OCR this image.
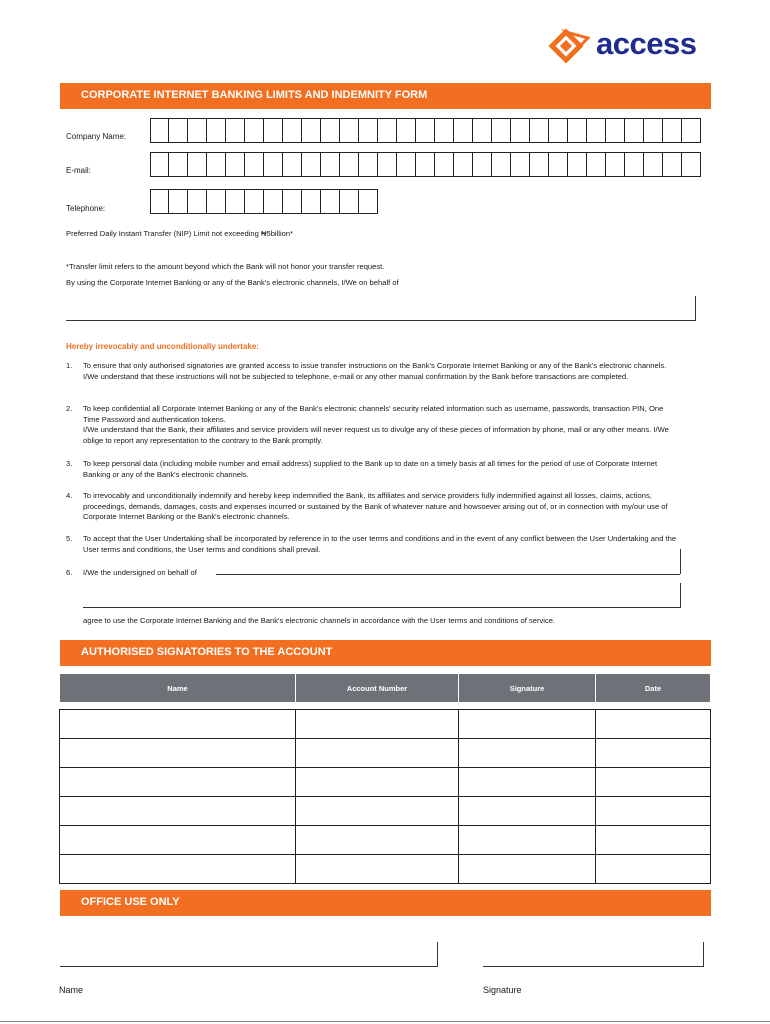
access
CORPORATE INTERNET BANKING LIMITS AND INDEMNITY FORM
Company Name:
E-mail:
Telephone:
Preferred Daily Instant Transfer (NIP) Limit not exceeding ₦5billion*
*Transfer limit refers to the amount beyond which the Bank will not honor your transfer request.
By using the Corporate Internet Banking or any of the Bank's electronic channels, I/We on behalf of
Hereby irrevocably and unconditionally undertake:
1. To ensure that only authorised signatories are granted access to issue transfer instructions on the Bank's Corporate Internet Banking or any of the Bank's electronic channels. I/We understand that these instructions will not be subjected to telephone, e-mail or any other manual confirmation by the Bank before transactions are completed.
2. To keep confidential all Corporate Internet Banking or any of the Bank's electronic channels' security related information such as username, passwords, transaction PIN, One Time Password and authentication tokens.
I/We understand that the Bank, their affiliates and service providers will never request us to divulge any of these pieces of information by phone, mail or any other means. I/We oblige to report any representation to the contrary to the Bank promptly.
3. To keep personal data (including mobile number and email address) supplied to the Bank up to date on a timely basis at all times for the period of use of Corporate Internet Banking or any of the Bank's electronic channels.
4. To irrevocably and unconditionally indemnify and hereby keep indemnified the Bank, its affiliates and service providers fully indemnified against all losses, claims, actions, proceedings, demands, damages, costs and expenses incurred or sustained by the Bank of whatever nature and howsoever arising out of, or in connection with my/our use of Corporate Internet Banking or the Bank's electronic channels.
5. To accept that the User Undertaking shall be incorporated by reference in to the user terms and conditions and in the event of any conflict between the User Undertaking and the User terms and conditions, the User terms and conditions shall prevail.
6. I/We the undersigned on behalf of
agree to use the Corporate Internet Banking and the Bank's electronic channels in accordance with the User terms and conditions of service.
AUTHORISED SIGNATORIES TO THE ACCOUNT
Name	Account Number	Signature	Date

OFFICE USE ONLY
Name	Signature
